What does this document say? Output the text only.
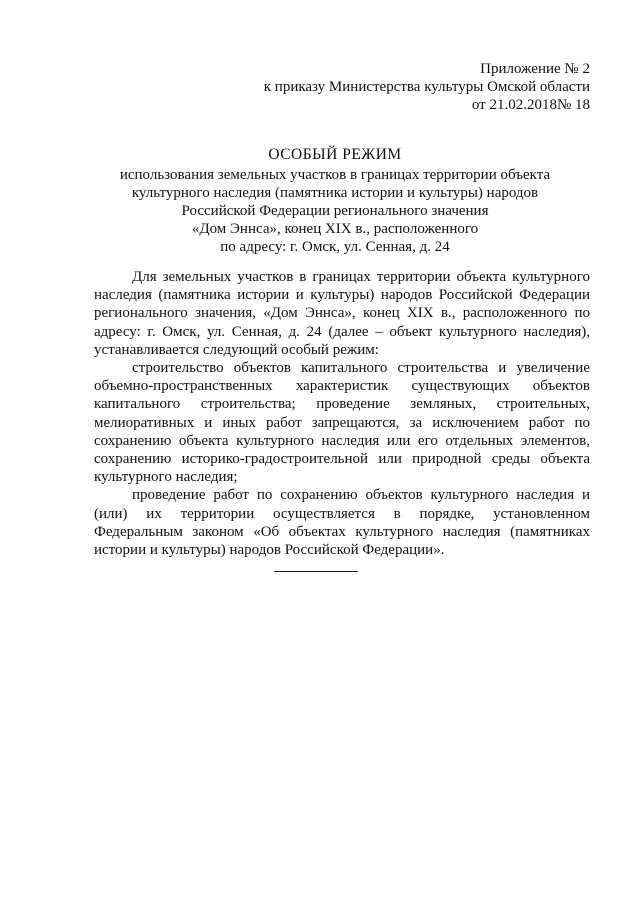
Приложение № 2
к приказу Министерства культуры Омской области
от 21.02.2018№ 18
ОСОБЫЙ РЕЖИМ
использования земельных участков в границах территории объекта
культурного наследия (памятника истории и культуры) народов
Российской Федерации регионального значения
«Дом Эннса», конец XIX в., расположенного
по адресу: г. Омск, ул. Сенная, д. 24

Для земельных участков в границах территории объекта культурного наследия (памятника истории и культуры) народов Российской Федерации регионального значения, «Дом Эннса», конец XIX в., расположенного по адресу: г. Омск, ул. Сенная, д. 24 (далее – объект культурного наследия), устанавливается следующий особый режим:

строительство объектов капитального строительства и увеличение объемно-пространственных характеристик существующих объектов капитального строительства; проведение земляных, строительных, мелиоративных и иных работ запрещаются, за исключением работ по сохранению объекта культурного наследия или его отдельных элементов, сохранению историко-градостроительной или природной среды объекта культурного наследия;

проведение работ по сохранению объектов культурного наследия и (или) их территории осуществляется в порядке, установленном Федеральным законом «Об объектах культурного наследия (памятниках истории и культуры) народов Российской Федерации».
